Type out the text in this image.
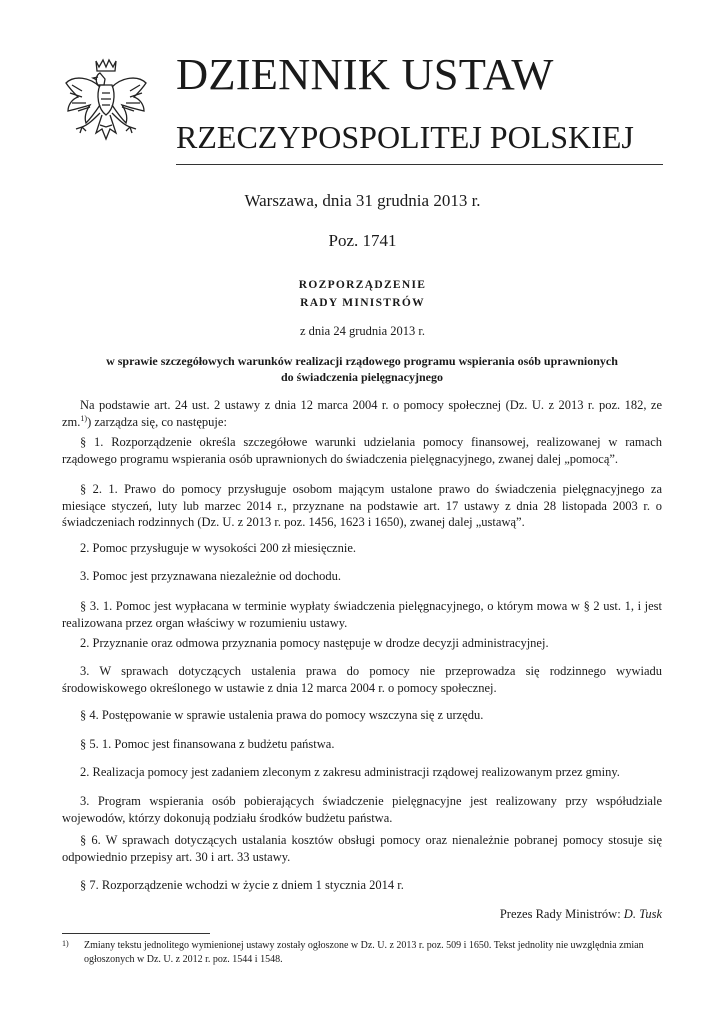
DZIENNIK USTAW
RZECZYPOSPOLITEJ POLSKIEJ
Warszawa, dnia 31 grudnia 2013 r.
Poz. 1741
ROZPORZĄDZENIE
RADY MINISTRÓW
z dnia 24 grudnia 2013 r.
w sprawie szczegółowych warunków realizacji rządowego programu wspierania osób uprawnionych
do świadczenia pielęgnacyjnego

Na podstawie art. 24 ust. 2 ustawy z dnia 12 marca 2004 r. o pomocy społecznej (Dz. U. z 2013 r. poz. 182, ze zm.$^{1)}$) zarządza się, co następuje:

§ 1. Rozporządzenie określa szczegółowe warunki udzielania pomocy finansowej, realizowanej w ramach rządowego programu wspierania osób uprawnionych do świadczenia pielęgnacyjnego, zwanej dalej „pomocą”.

§ 2. 1. Prawo do pomocy przysługuje osobom mającym ustalone prawo do świadczenia pielęgnacyjnego za miesiące styczeń, luty lub marzec 2014 r., przyznane na podstawie art. 17 ustawy z dnia 28 listopada 2003 r. o świadczeniach rodzinnych (Dz. U. z 2013 r. poz. 1456, 1623 i 1650), zwanej dalej „ustawą”.

2. Pomoc przysługuje w wysokości 200 zł miesięcznie.

3. Pomoc jest przyznawana niezależnie od dochodu.

§ 3. 1. Pomoc jest wypłacana w terminie wypłaty świadczenia pielęgnacyjnego, o którym mowa w § 2 ust. 1, i jest realizowana przez organ właściwy w rozumieniu ustawy.

2. Przyznanie oraz odmowa przyznania pomocy następuje w drodze decyzji administracyjnej.

3. W sprawach dotyczących ustalenia prawa do pomocy nie przeprowadza się rodzinnego wywiadu środowiskowego określonego w ustawie z dnia 12 marca 2004 r. o pomocy społecznej.

§ 4. Postępowanie w sprawie ustalenia prawa do pomocy wszczyna się z urzędu.

§ 5. 1. Pomoc jest finansowana z budżetu państwa.

2. Realizacja pomocy jest zadaniem zleconym z zakresu administracji rządowej realizowanym przez gminy.

3. Program wspierania osób pobierających świadczenie pielęgnacyjne jest realizowany przy współudziale wojewodów, którzy dokonują podziału środków budżetu państwa.

§ 6. W sprawach dotyczących ustalania kosztów obsługi pomocy oraz nienależnie pobranej pomocy stosuje się odpowiednio przepisy art. 30 i art. 33 ustawy.

§ 7. Rozporządzenie wchodzi w życie z dniem 1 stycznia 2014 r.

Prezes Rady Ministrów: D. Tusk
1) Zmiany tekstu jednolitego wymienionej ustawy zostały ogłoszone w Dz. U. z 2013 r. poz. 509 i 1650. Tekst jednolity nie uwzględnia zmian ogłoszonych w Dz. U. z 2012 r. poz. 1544 i 1548.
